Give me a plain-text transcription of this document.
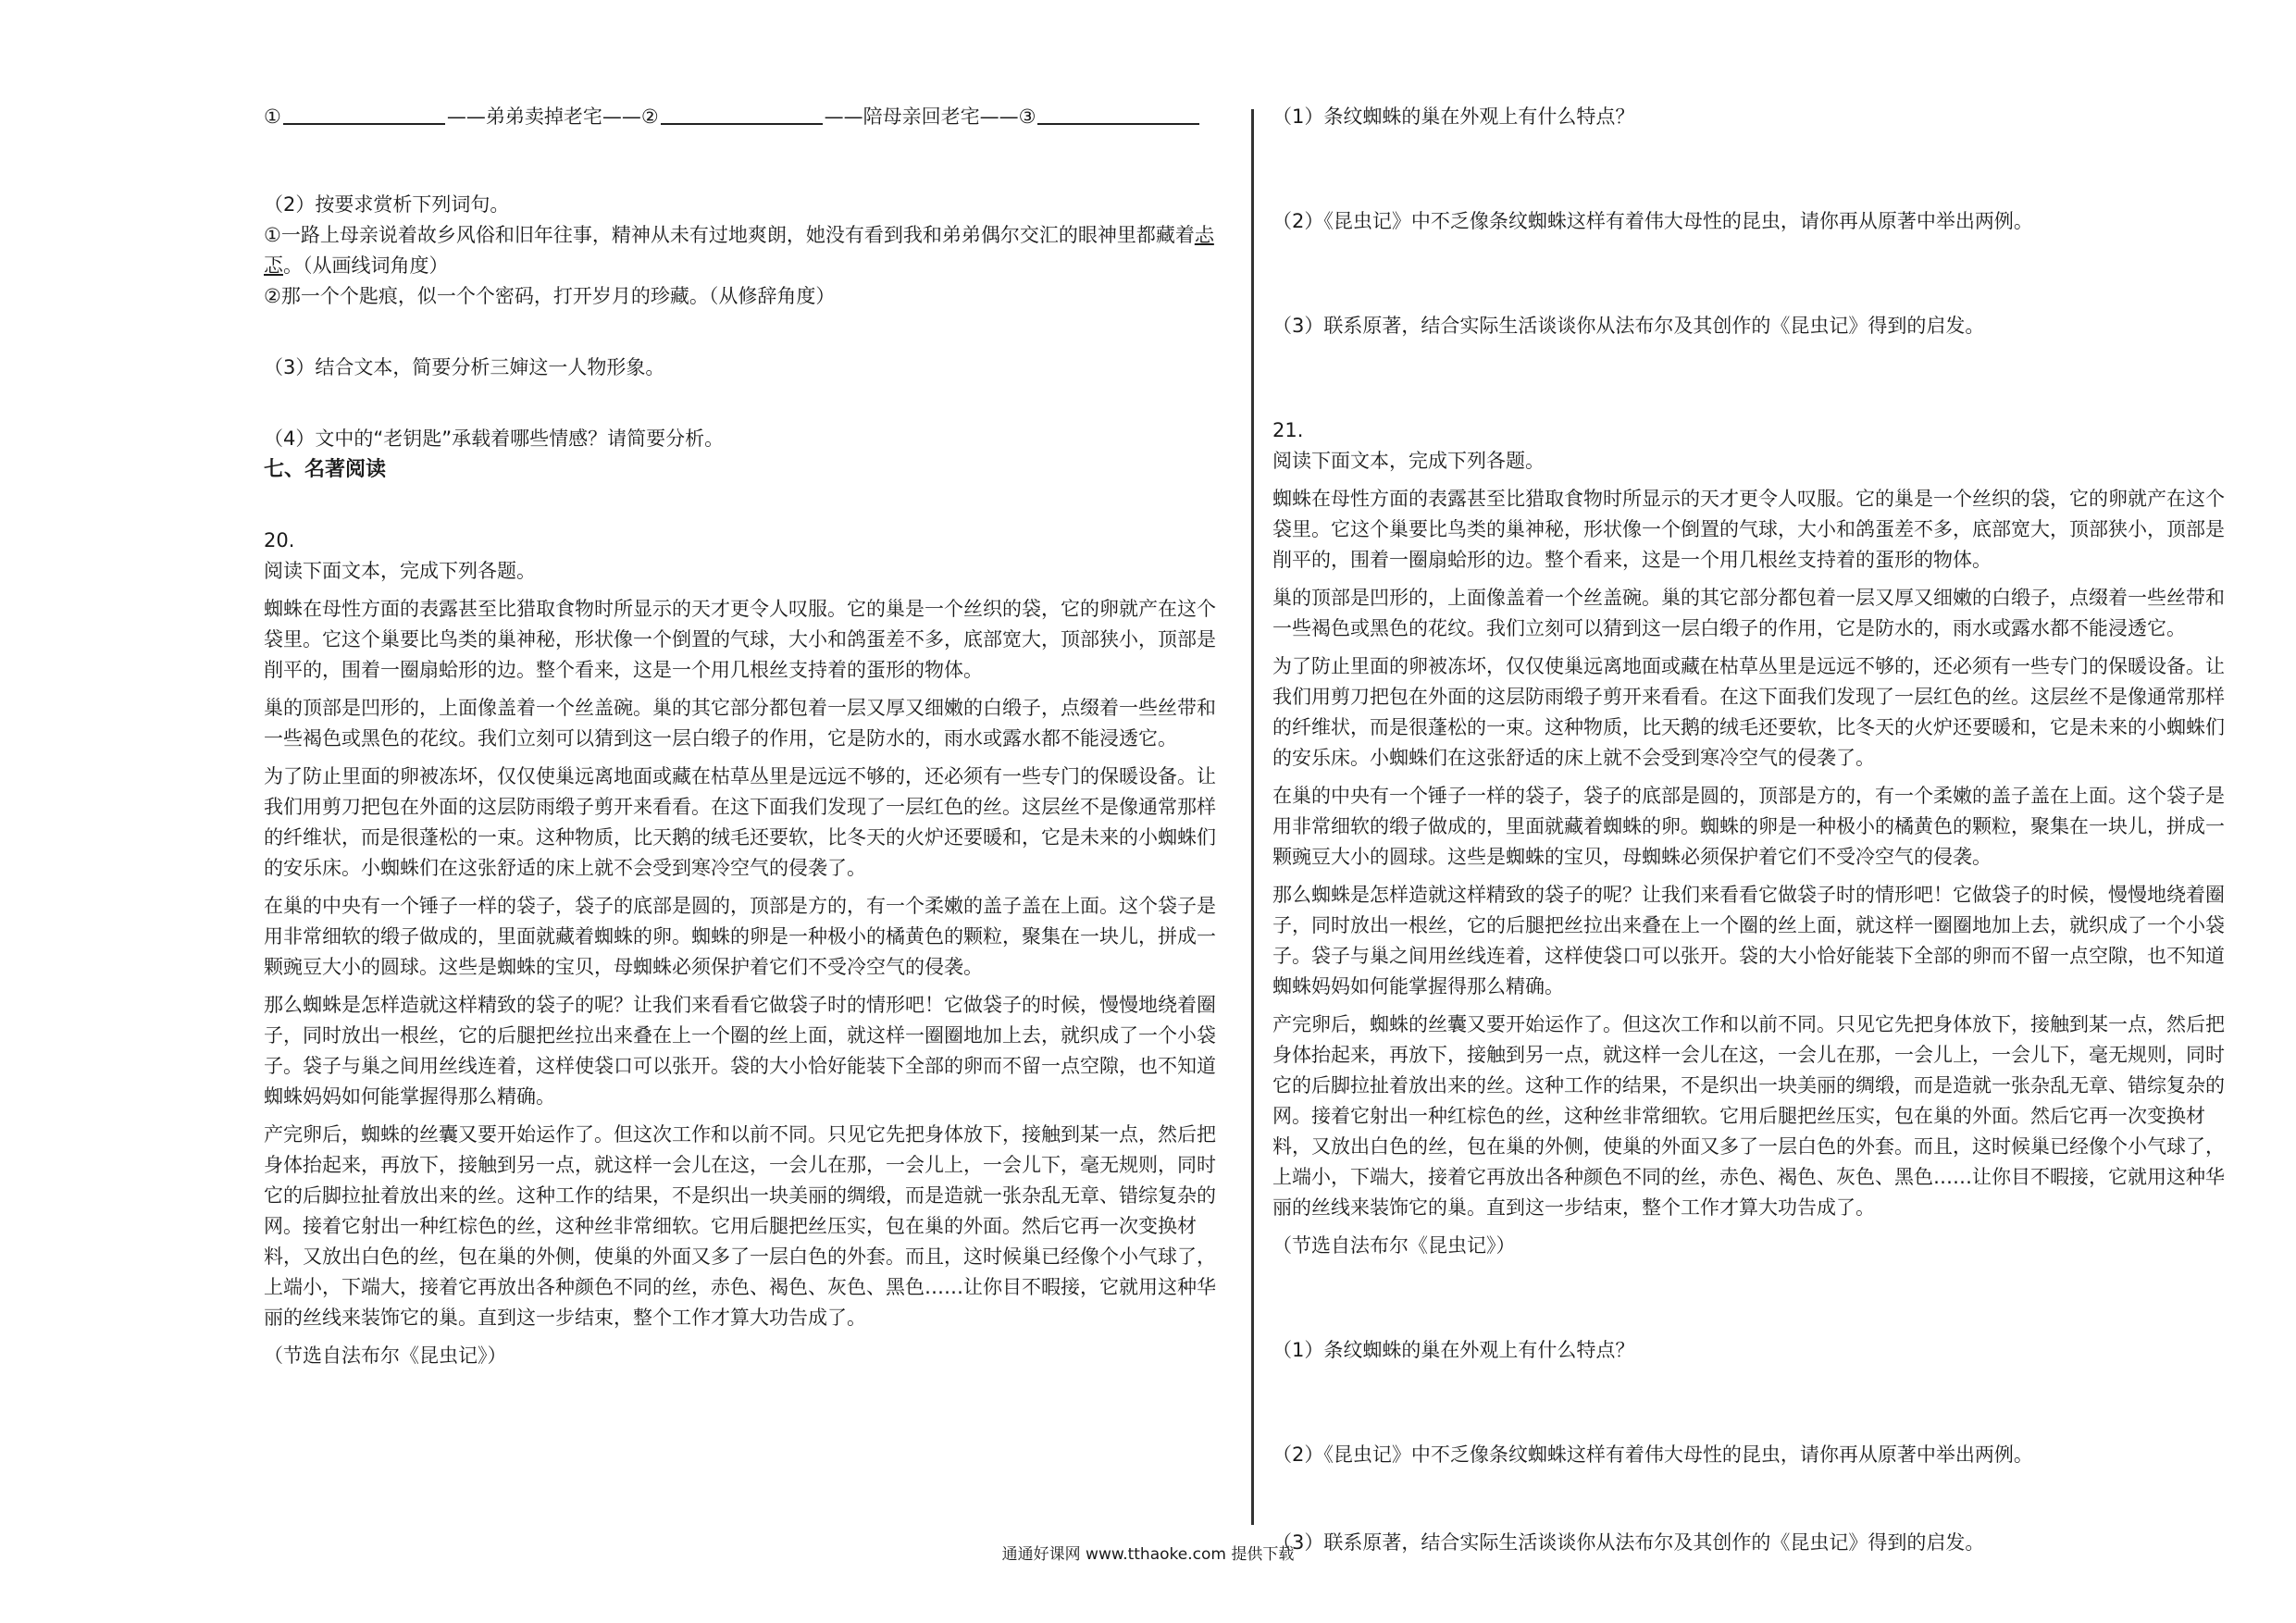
①	——弟弟卖掉老宅——②	——陪母亲回老宅——③

（2）按要求赏析下列词句。

①一路上母亲说着故乡风俗和旧年往事，精神从未有过地爽朗，她没有看到我和弟弟偶尔交汇的眼神里都藏着忐忑。（从画线词角度）

②那一个个匙痕，似一个个密码，打开岁月的珍藏。（从修辞角度）

（3）结合文本，简要分析三婶这一人物形象。

（4）文中的“老钥匙”承载着哪些情感？请简要分析。

七、名著阅读

20.

阅读下面文本，完成下列各题。

蜘蛛在母性方面的表露甚至比猎取食物时所显示的天才更令人叹服。它的巢是一个丝织的袋，它的卵就产在这个袋里。它这个巢要比鸟类的巢神秘，形状像一个倒置的气球，大小和鸽蛋差不多，底部宽大，顶部狭小，顶部是削平的，围着一圈扇蛤形的边。整个看来，这是一个用几根丝支持着的蛋形的物体。

巢的顶部是凹形的，上面像盖着一个丝盖碗。巢的其它部分都包着一层又厚又细嫩的白缎子，点缀着一些丝带和一些褐色或黑色的花纹。我们立刻可以猜到这一层白缎子的作用，它是防水的，雨水或露水都不能浸透它。

为了防止里面的卵被冻坏，仅仅使巢远离地面或藏在枯草丛里是远远不够的，还必须有一些专门的保暖设备。让我们用剪刀把包在外面的这层防雨缎子剪开来看看。在这下面我们发现了一层红色的丝。这层丝不是像通常那样的纤维状，而是很蓬松的一束。这种物质，比天鹅的绒毛还要软，比冬天的火炉还要暖和，它是未来的小蜘蛛们的安乐床。小蜘蛛们在这张舒适的床上就不会受到寒冷空气的侵袭了。

在巢的中央有一个锤子一样的袋子，袋子的底部是圆的，顶部是方的，有一个柔嫩的盖子盖在上面。这个袋子是用非常细软的缎子做成的，里面就藏着蜘蛛的卵。蜘蛛的卵是一种极小的橘黄色的颗粒，聚集在一块儿，拼成一颗豌豆大小的圆球。这些是蜘蛛的宝贝，母蜘蛛必须保护着它们不受冷空气的侵袭。

那么蜘蛛是怎样造就这样精致的袋子的呢？让我们来看看它做袋子时的情形吧！它做袋子的时候，慢慢地绕着圈子，同时放出一根丝，它的后腿把丝拉出来叠在上一个圈的丝上面，就这样一圈圈地加上去，就织成了一个小袋子。袋子与巢之间用丝线连着，这样使袋口可以张开。袋的大小恰好能装下全部的卵而不留一点空隙，也不知道蜘蛛妈妈如何能掌握得那么精确。

产完卵后，蜘蛛的丝囊又要开始运作了。但这次工作和以前不同。只见它先把身体放下，接触到某一点，然后把身体抬起来，再放下，接触到另一点，就这样一会儿在这，一会儿在那，一会儿上，一会儿下，毫无规则，同时它的后脚拉扯着放出来的丝。这种工作的结果，不是织出一块美丽的绸缎，而是造就一张杂乱无章、错综复杂的网。接着它射出一种红棕色的丝，这种丝非常细软。它用后腿把丝压实，包在巢的外面。然后它再一次变换材料，又放出白色的丝，包在巢的外侧，使巢的外面又多了一层白色的外套。而且，这时候巢已经像个小气球了，上端小，下端大，接着它再放出各种颜色不同的丝，赤色、褐色、灰色、黑色……让你目不暇接，它就用这种华丽的丝线来装饰它的巢。直到这一步结束，整个工作才算大功告成了。

（节选自法布尔《昆虫记》）

（1）条纹蜘蛛的巢在外观上有什么特点？

（2）《昆虫记》中不乏像条纹蜘蛛这样有着伟大母性的昆虫，请你再从原著中举出两例。

（3）联系原著，结合实际生活谈谈你从法布尔及其创作的《昆虫记》得到的启发。

21.

阅读下面文本，完成下列各题。

蜘蛛在母性方面的表露甚至比猎取食物时所显示的天才更令人叹服。它的巢是一个丝织的袋，它的卵就产在这个袋里。它这个巢要比鸟类的巢神秘，形状像一个倒置的气球，大小和鸽蛋差不多，底部宽大，顶部狭小，顶部是削平的，围着一圈扇蛤形的边。整个看来，这是一个用几根丝支持着的蛋形的物体。

巢的顶部是凹形的，上面像盖着一个丝盖碗。巢的其它部分都包着一层又厚又细嫩的白缎子，点缀着一些丝带和一些褐色或黑色的花纹。我们立刻可以猜到这一层白缎子的作用，它是防水的，雨水或露水都不能浸透它。

为了防止里面的卵被冻坏，仅仅使巢远离地面或藏在枯草丛里是远远不够的，还必须有一些专门的保暖设备。让我们用剪刀把包在外面的这层防雨缎子剪开来看看。在这下面我们发现了一层红色的丝。这层丝不是像通常那样的纤维状，而是很蓬松的一束。这种物质，比天鹅的绒毛还要软，比冬天的火炉还要暖和，它是未来的小蜘蛛们的安乐床。小蜘蛛们在这张舒适的床上就不会受到寒冷空气的侵袭了。

在巢的中央有一个锤子一样的袋子，袋子的底部是圆的，顶部是方的，有一个柔嫩的盖子盖在上面。这个袋子是用非常细软的缎子做成的，里面就藏着蜘蛛的卵。蜘蛛的卵是一种极小的橘黄色的颗粒，聚集在一块儿，拼成一颗豌豆大小的圆球。这些是蜘蛛的宝贝，母蜘蛛必须保护着它们不受冷空气的侵袭。

那么蜘蛛是怎样造就这样精致的袋子的呢？让我们来看看它做袋子时的情形吧！它做袋子的时候，慢慢地绕着圈子，同时放出一根丝，它的后腿把丝拉出来叠在上一个圈的丝上面，就这样一圈圈地加上去，就织成了一个小袋子。袋子与巢之间用丝线连着，这样使袋口可以张开。袋的大小恰好能装下全部的卵而不留一点空隙，也不知道蜘蛛妈妈如何能掌握得那么精确。

产完卵后，蜘蛛的丝囊又要开始运作了。但这次工作和以前不同。只见它先把身体放下，接触到某一点，然后把身体抬起来，再放下，接触到另一点，就这样一会儿在这，一会儿在那，一会儿上，一会儿下，毫无规则，同时它的后脚拉扯着放出来的丝。这种工作的结果，不是织出一块美丽的绸缎，而是造就一张杂乱无章、错综复杂的网。接着它射出一种红棕色的丝，这种丝非常细软。它用后腿把丝压实，包在巢的外面。然后它再一次变换材料，又放出白色的丝，包在巢的外侧，使巢的外面又多了一层白色的外套。而且，这时候巢已经像个小气球了，上端小，下端大，接着它再放出各种颜色不同的丝，赤色、褐色、灰色、黑色……让你目不暇接，它就用这种华丽的丝线来装饰它的巢。直到这一步结束，整个工作才算大功告成了。

（节选自法布尔《昆虫记》）

（1）条纹蜘蛛的巢在外观上有什么特点？

（2）《昆虫记》中不乏像条纹蜘蛛这样有着伟大母性的昆虫，请你再从原著中举出两例。

（3）联系原著，结合实际生活谈谈你从法布尔及其创作的《昆虫记》得到的启发。

通通好课网 www.tthaoke.com 提供下载
